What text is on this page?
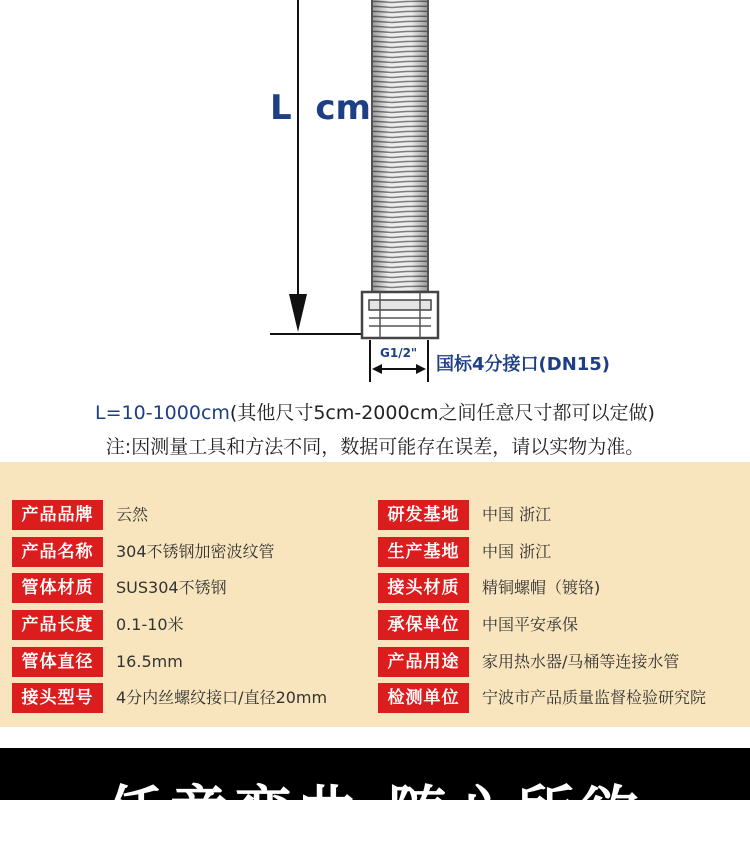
L  cm
G1/2"
国标4分接口(DN15)
L=10-1000cm(其他尺寸5cm-2000cm之间任意尺寸都可以定做)
注:因测量工具和方法不同，数据可能存在误差，请以实物为准。
产品品牌	云然
产品名称	304不锈钢加密波纹管
管体材质	SUS304不锈钢
产品长度	0.1-10米
管体直径	16.5mm
接头型号	4分内丝螺纹接口/直径20mm
研发基地	中国 浙江
生产基地	中国 浙江
接头材质	精铜螺帽（镀铬)
承保单位	中国平安承保
产品用途	家用热水器/马桶等连接水管
检测单位	宁波市产品质量监督检验研究院
任意弯曲 随心所欲
